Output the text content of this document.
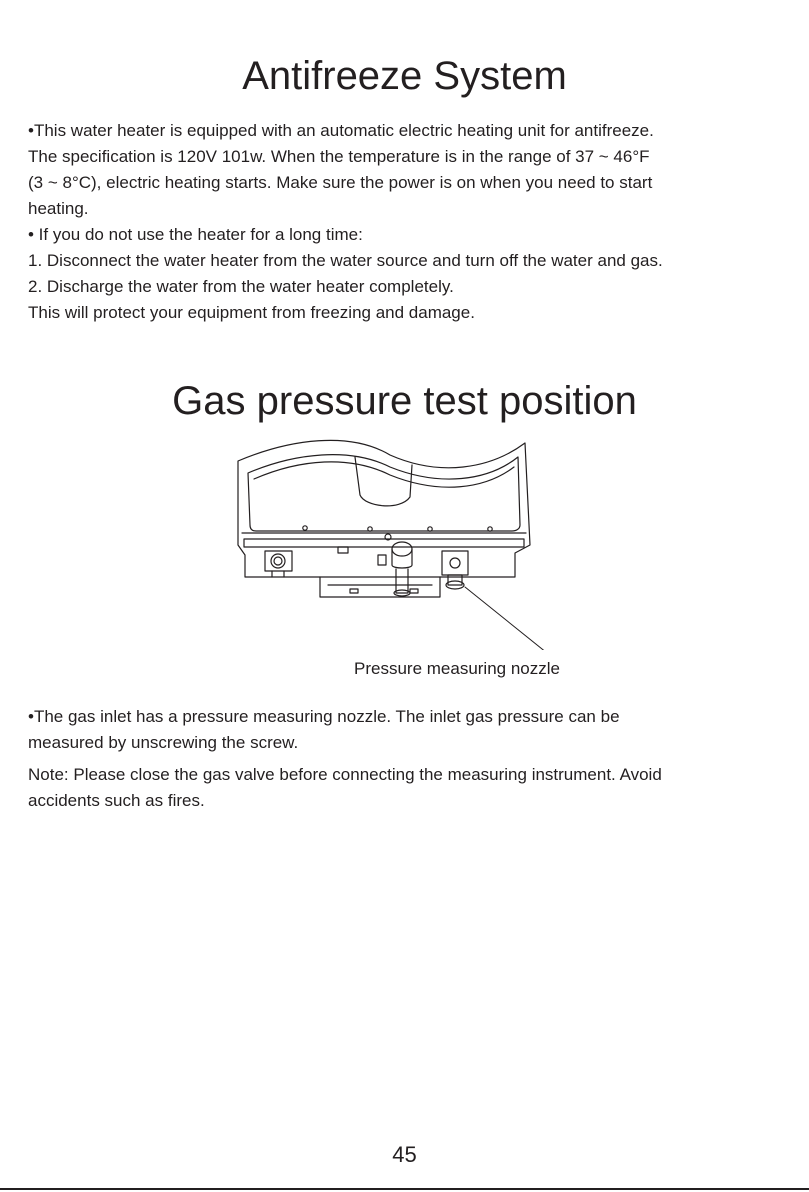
Antifreeze System
•This water heater is equipped with an automatic electric heating unit for antifreeze.
The specification is 120V 101w. When the temperature is in the range of 37 ~ 46°F
(3 ~ 8°C), electric heating starts. Make sure the power is on when you need to start
heating.
• If you do not use the heater for a long time:
1. Disconnect the water heater from the water source and turn off the water and gas.
2. Discharge the water from the water heater completely.
This will protect your equipment from freezing and damage.
Gas pressure test position
Pressure measuring nozzle
•The gas inlet has a pressure measuring nozzle. The inlet gas pressure can be
measured by unscrewing the screw.
Note: Please close the gas valve before connecting the measuring instrument. Avoid
accidents such as fires.
45
